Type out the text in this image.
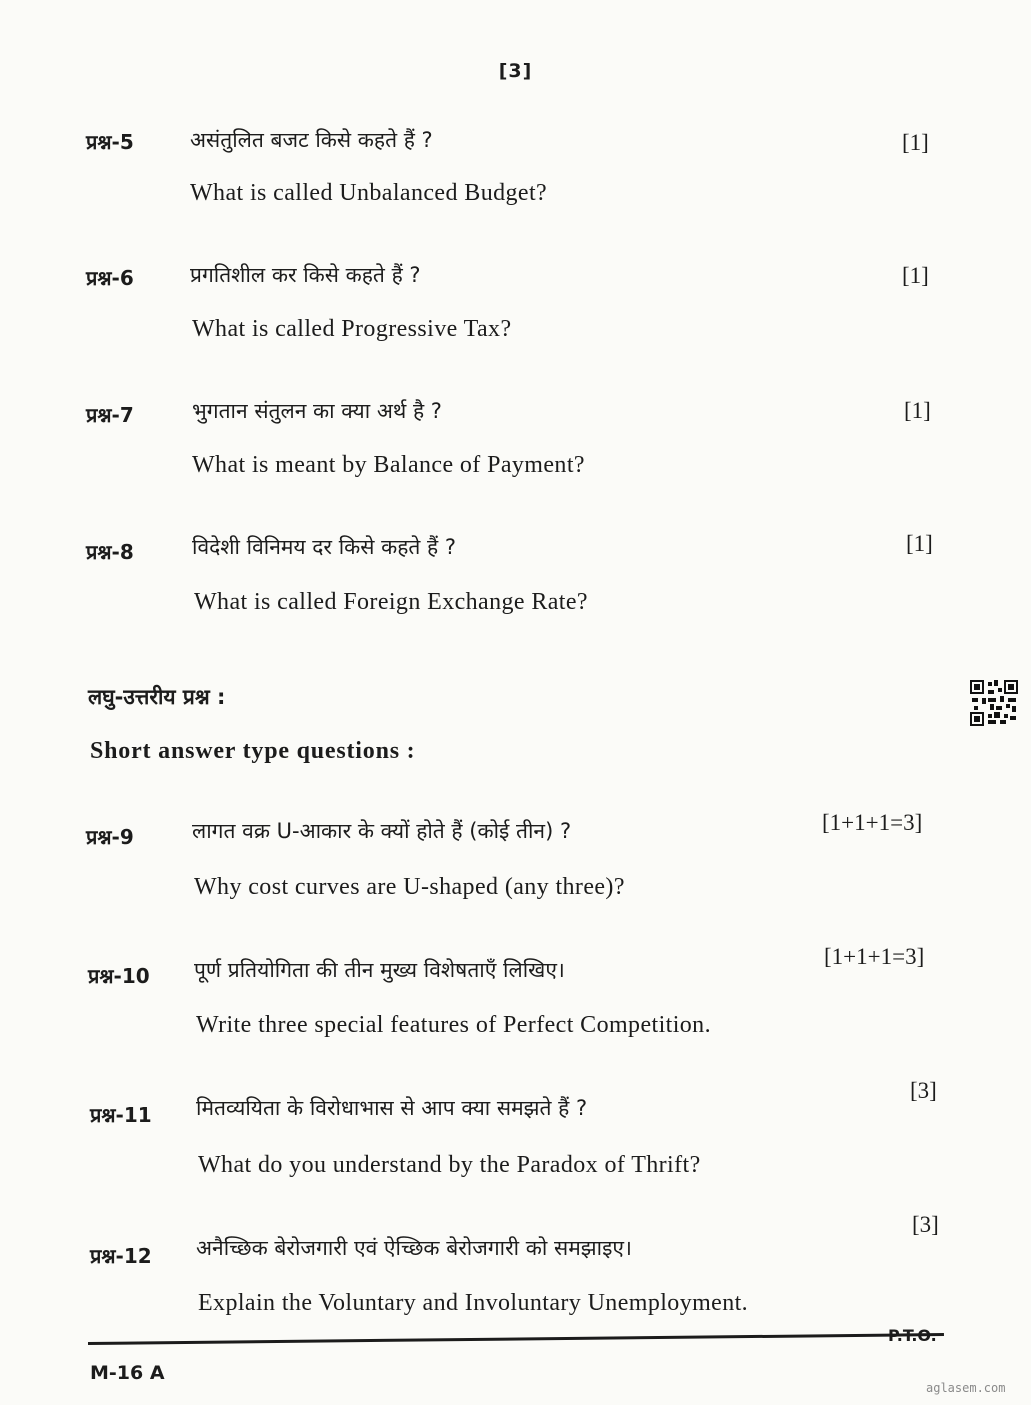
[3]
प्रश्न-5	असंतुलित बजट किसे कहते हैं ?	[1]
What is called Unbalanced Budget?
प्रश्न-6	प्रगतिशील कर किसे कहते हैं ?	[1]
What is called Progressive Tax?
प्रश्न-7	भुगतान संतुलन का क्या अर्थ है ?	[1]
What is meant by Balance of Payment?
प्रश्न-8	विदेशी विनिमय दर किसे कहते हैं ?	[1]
What is called Foreign Exchange Rate?
लघु-उत्तरीय प्रश्न :
Short answer type questions :
प्रश्न-9	लागत वक्र U-आकार के क्यों होते हैं (कोई तीन) ?	[1+1+1=3]
Why cost curves are U-shaped (any three)?
प्रश्न-10 पूर्ण प्रतियोगिता की तीन मुख्य विशेषताएँ लिखिए।
[1+1+1=3]
Write three special features of Perfect Competition.
प्रश्न-11 मितव्ययिता के विरोधाभास से आप क्या समझते हैं ?
[3]
What do you understand by the Paradox of Thrift?
प्रश्न-12 अनैच्छिक बेरोजगारी एवं ऐच्छिक बेरोजगारी को समझाइए।
[3]
Explain the Voluntary and Involuntary Unemployment.
P.T.O.
M-16 A
aglasem.com
